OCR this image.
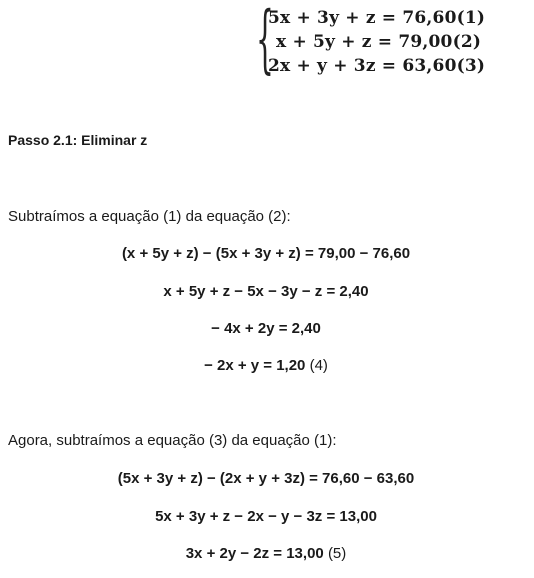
{
5x + 3y + z = 76,60(1)
x + 5y + z = 79,00(2)
2x + y + 3z = 63,60(3)
Passo 2.1: Eliminar z
Subtraímos a equação (1) da equação (2):
(x + 5y + z) − (5x + 3y + z) = 79,00 − 76,60
x + 5y + z − 5x − 3y − z = 2,40
− 4x + 2y = 2,40
− 2x + y = 1,20 (4)
Agora, subtraímos a equação (3) da equação (1):
(5x + 3y + z) − (2x + y + 3z) = 76,60 − 63,60
5x + 3y + z − 2x − y − 3z = 13,00
3x + 2y − 2z = 13,00 (5)
